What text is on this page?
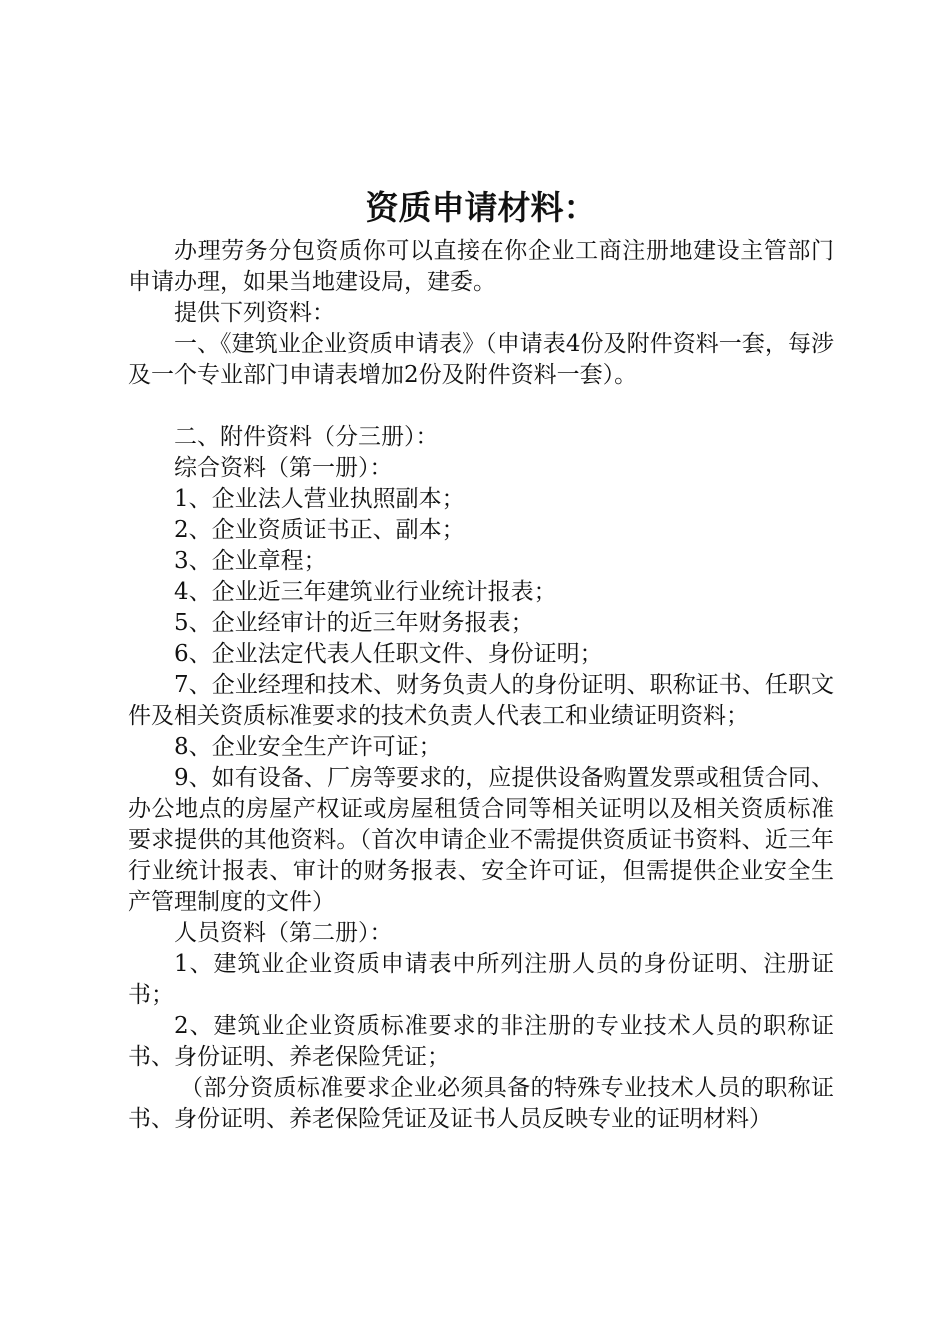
资质申请材料：

办理劳务分包资质你可以直接在你企业工商注册地建设主管部门申请办理，如果当地建设局，建委。

提供下列资料：

一、《建筑业企业资质申请表》（申请表4份及附件资料一套，每涉及一个专业部门申请表增加2份及附件资料一套）。

二、附件资料（分三册）：

综合资料（第一册）：

1、企业法人营业执照副本；

2、企业资质证书正、副本；

3、企业章程；

4、企业近三年建筑业行业统计报表；

5、企业经审计的近三年财务报表；

6、企业法定代表人任职文件、身份证明；

7、企业经理和技术、财务负责人的身份证明、职称证书、任职文件及相关资质标准要求的技术负责人代表工和业绩证明资料；

8、企业安全生产许可证；

9、如有设备、厂房等要求的，应提供设备购置发票或租赁合同、办公地点的房屋产权证或房屋租赁合同等相关证明以及相关资质标准要求提供的其他资料。（首次申请企业不需提供资质证书资料、近三年行业统计报表、审计的财务报表、安全许可证，但需提供企业安全生产管理制度的文件）

人员资料（第二册）：

1、建筑业企业资质申请表中所列注册人员的身份证明、注册证书；

2、建筑业企业资质标准要求的非注册的专业技术人员的职称证书、身份证明、养老保险凭证；

（部分资质标准要求企业必须具备的特殊专业技术人员的职称证书、身份证明、养老保险凭证及证书人员反映专业的证明材料）
